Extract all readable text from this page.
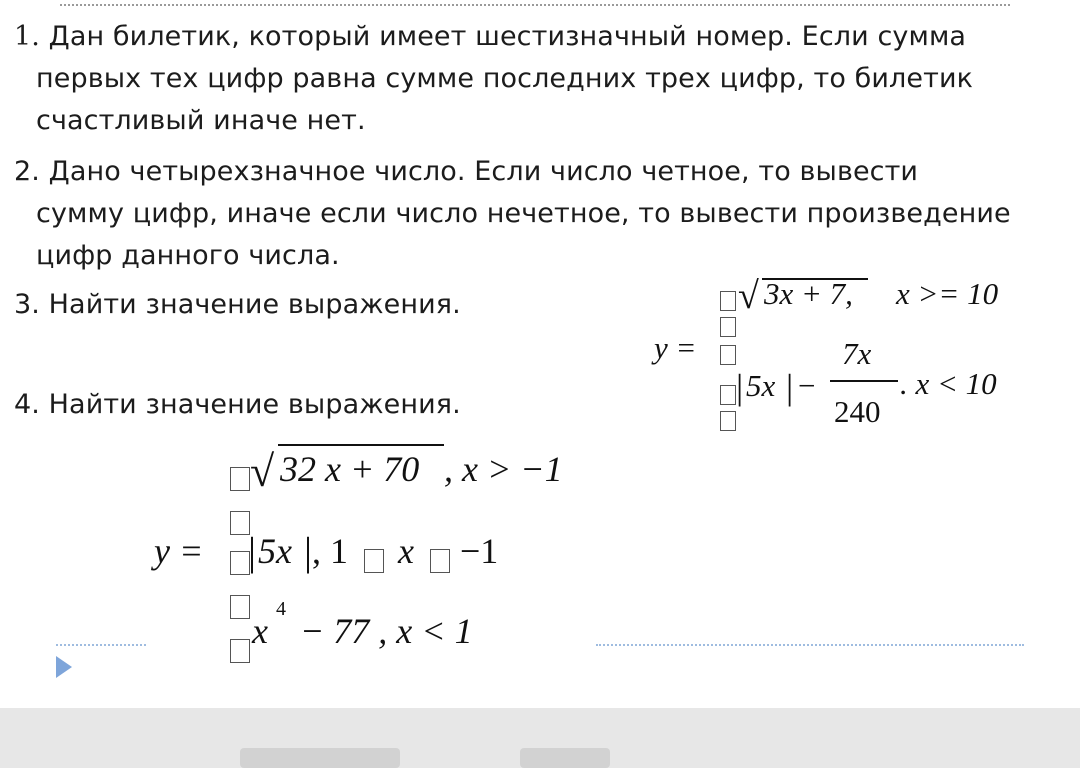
1. Дан билетик, который имеет шестизначный номер. Если сумма
первых тех цифр равна сумме последних трех цифр, то билетик
счастливый иначе нет.
2. Дано четырехзначное число. Если число четное, то вывести
сумму цифр, иначе если число нечетное, то вывести произведение
цифр данного числа.
3. Найти значение выражения.
4. Найти значение выражения.
y =
√ 3x + 7, x >= 10
| 5x | −
7x
240
. x < 10
y =
√ 32 x + 70 , x > −1
| 5x | , 1 x −1
x
4
− 77 , x < 1
